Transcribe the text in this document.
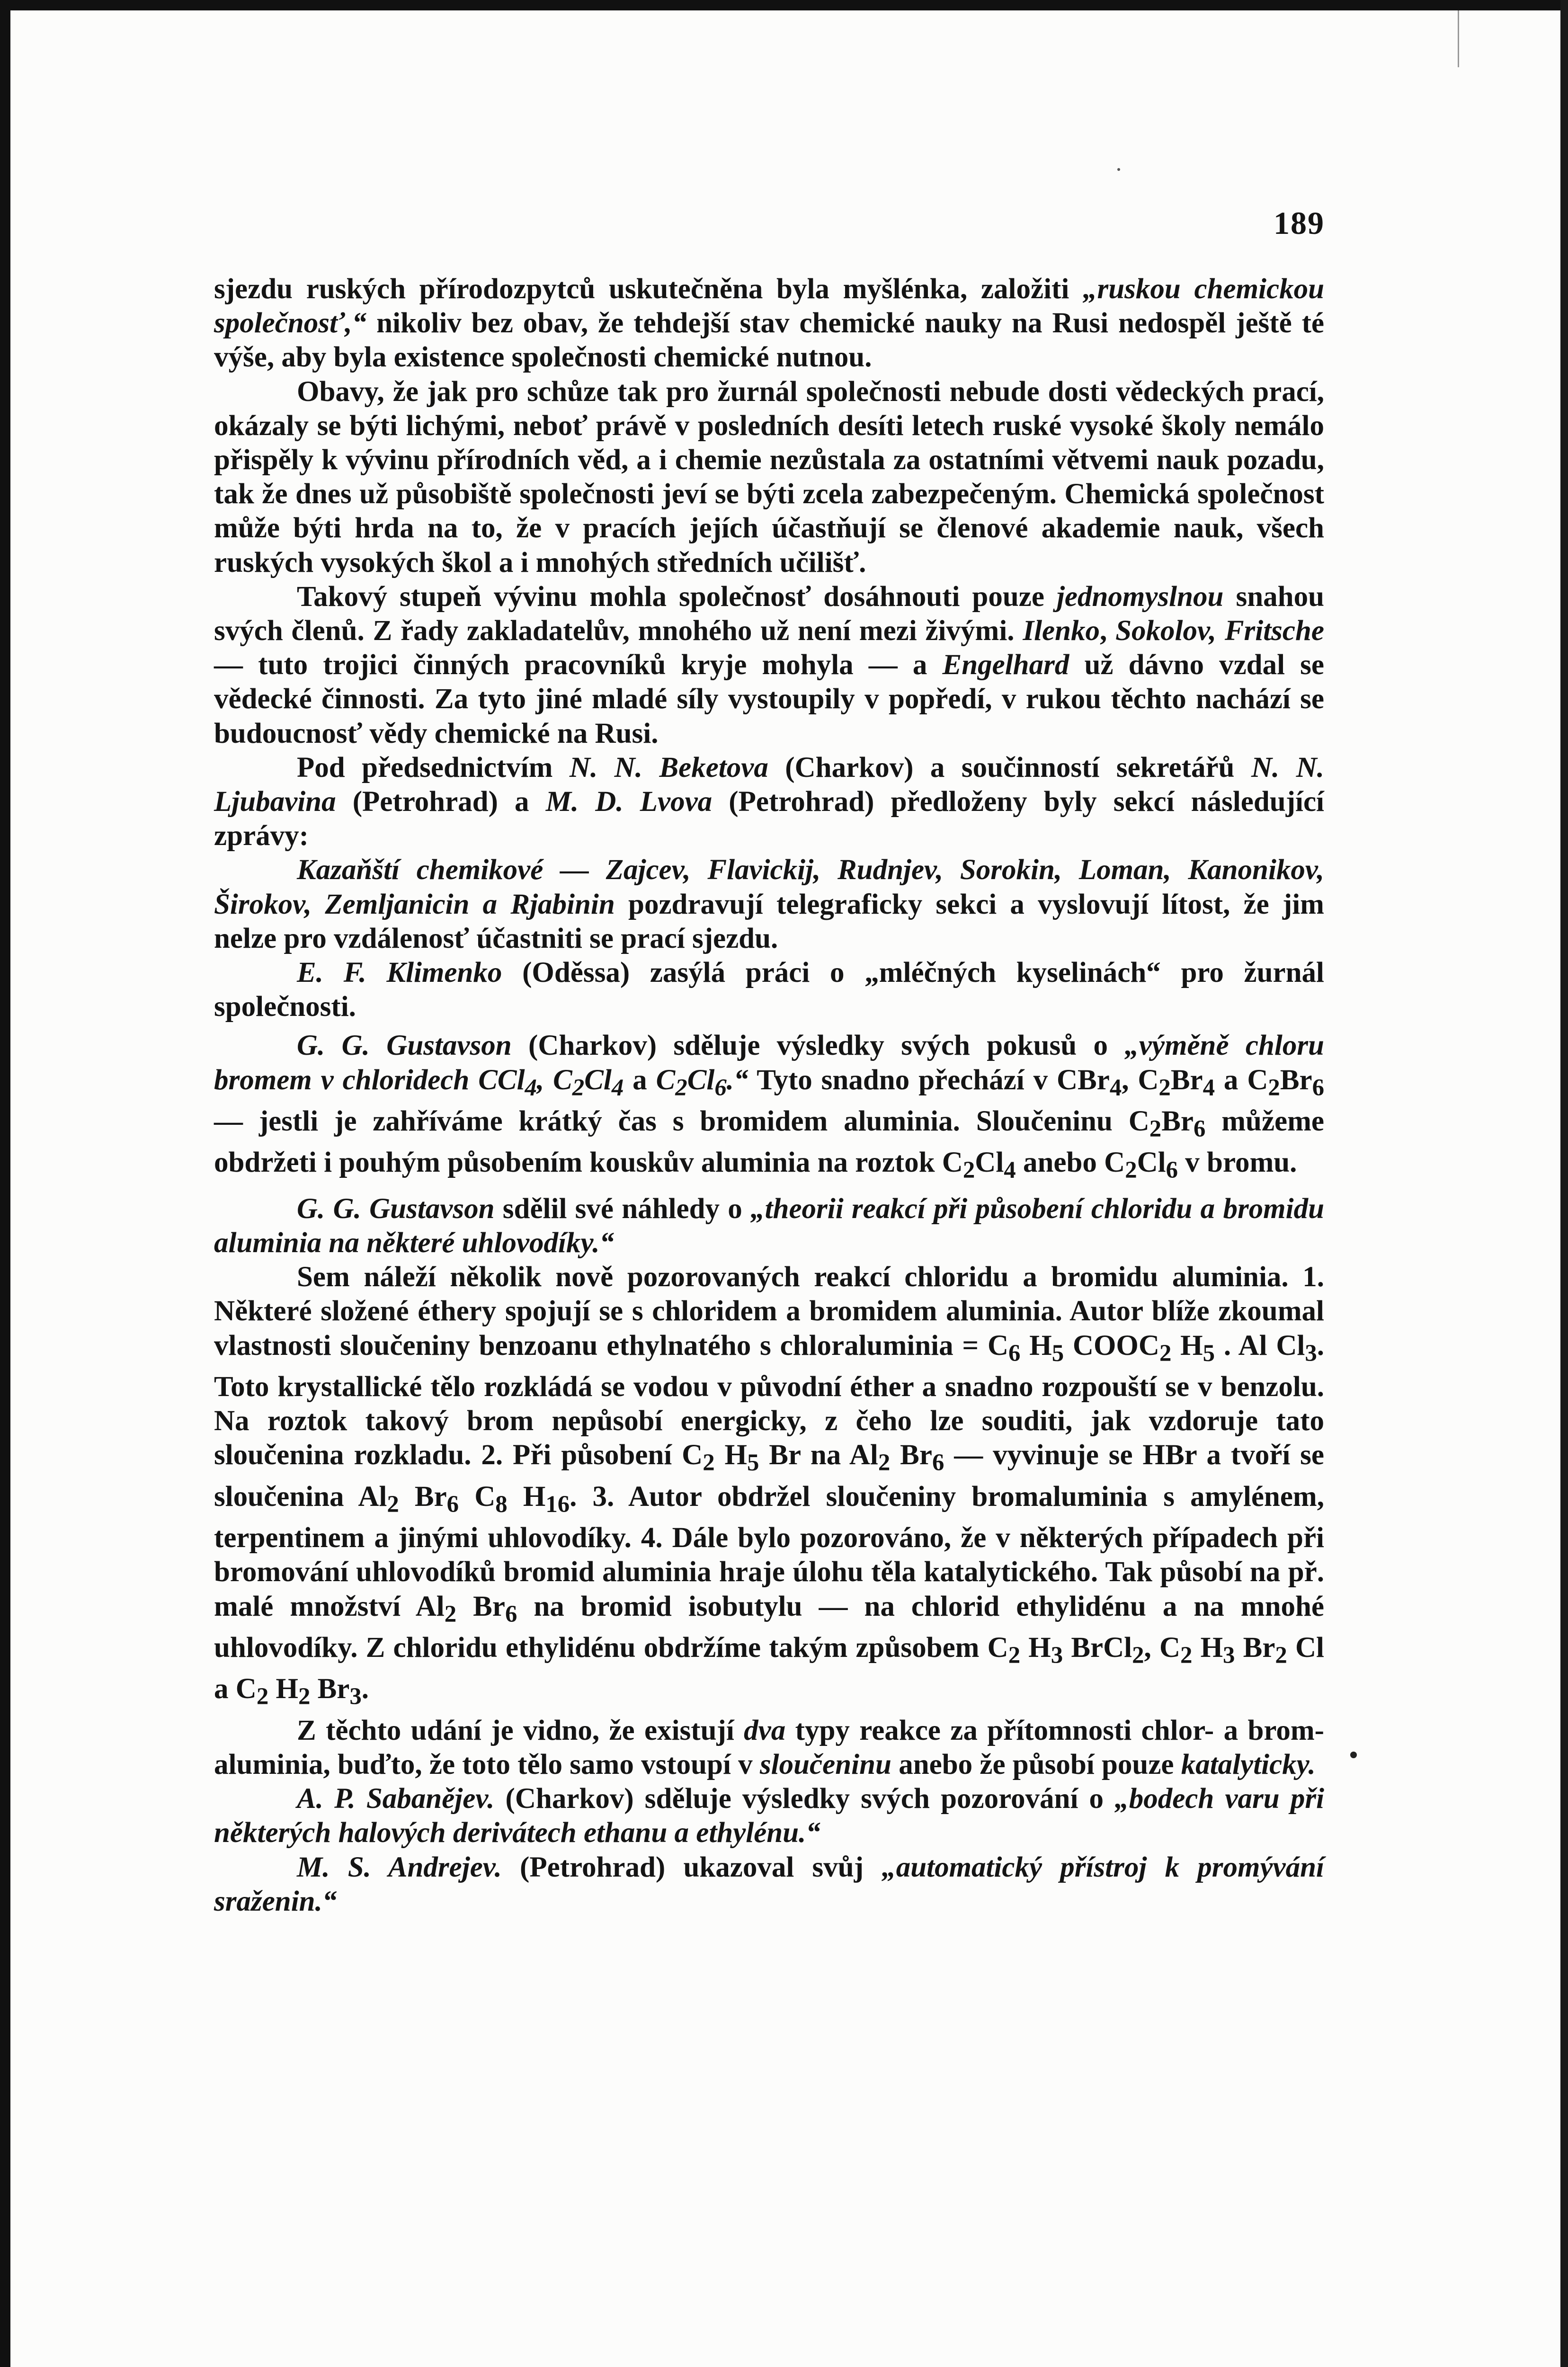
189

sjezdu ruských přírodozpytců uskutečněna byla myšlénka, založiti „ruskou chemickou společnosť,“ nikoliv bez obav, že tehdejší stav chemické nauky na Rusi nedospěl ještě té výše, aby byla existence společnosti chemické nutnou.

Obavy, že jak pro schůze tak pro žurnál společnosti nebude dosti vědeckých prací, okázaly se býti lichými, neboť právě v posledních desíti letech ruské vysoké školy nemálo přispěly k vývinu přírodních věd, a i chemie nezůstala za ostatními větvemi nauk pozadu, tak že dnes už působiště společnosti jeví se býti zcela zabezpečeným. Chemická společnost může býti hrda na to, že v pracích jejích účastňují se členové akademie nauk, všech ruských vysokých škol a i mnohých středních učilišť.

Takový stupeň vývinu mohla společnosť dosáhnouti pouze jednomyslnou snahou svých členů. Z řady zakladatelův, mnohého už není mezi živými. Ilenko, Sokolov, Fritsche — tuto trojici činných pracovníků kryje mohyla — a Engelhard už dávno vzdal se vědecké činnosti. Za tyto jiné mladé síly vystoupily v popředí, v rukou těchto nachází se budoucnosť vědy chemické na Rusi.

Pod předsednictvím N. N. Beketova (Charkov) a součinností sekretářů N. N. Ljubavina (Petrohrad) a M. D. Lvova (Petrohrad) předloženy byly sekcí následující zprávy:

Kazaňští chemikové — Zajcev, Flavickij, Rudnjev, Sorokin, Loman, Kanonikov, Širokov, Zemljanicin a Rjabinin pozdravují telegraficky sekci a vyslovují lítost, že jim nelze pro vzdálenosť účastniti se prací sjezdu.

E. F. Klimenko (Oděssa) zasýlá práci o „mléčných kyselinách“ pro žurnál společnosti.

G. G. Gustavson (Charkov) sděluje výsledky svých pokusů o „výměně chloru bromem v chloridech CCl$_4$, $C_2Cl_4$ a $C_2Cl_6.“$ Tyto snadno přechází v CBr$_4$, $C_2Br_4$ a $C_2Br_6$ — jestli je zahříváme krátký čas s bromidem aluminia. Sloučeninu $C_2Br_6$ můžeme obdržeti i pouhým působením kouskův aluminia na roztok $C_2Cl_4$ anebo $C_2Cl_6$ v bromu.

G. G. Gustavson sdělil své náhledy o „theorii reakcí při působení chloridu a bromidu aluminia na některé uhlovodíky.“

Sem náleží několik nově pozorovaných reakcí chloridu a bromidu aluminia. 1. Některé složené éthery spojují se s chloridem a bromidem aluminia. Autor blíže zkoumal vlastnosti sloučeniny benzoanu ethylnatého s chloraluminia = $C_6$ $H_5$ $COOC_2$ $H_5$ . Al $Cl_3$. Toto krystallické tělo rozkládá se vodou v původní éther a snadno rozpouští se v benzolu. Na roztok takový brom nepůsobí energicky, z čeho lze souditi, jak vzdoruje tato sloučenina rozkladu. 2. Při působení $C_2$ $H_5$ Br na $Al_2$ $Br_6$ — vyvinuje se HBr a tvoří se sloučenina $Al_2$ $Br_6$ $C_8$ $H_{16}$. 3. Autor obdržel sloučeniny bromaluminia s amylénem, terpentinem a jinými uhlovodíky. 4. Dále bylo pozorováno, že v některých případech při bromování uhlovodíků bromid aluminia hraje úlohu těla katalytického. Tak působí na př. malé množství $Al_2$ $Br_6$ na bromid isobutylu — na chlorid ethylidénu a na mnohé uhlovodíky. Z chloridu ethylidénu obdržíme takým způsobem $C_2$ $H_3$ BrCl$_2$, $C_2$ $H_3$ $Br_2$ Cl a $C_2$ $H_2$ $Br_3$.

Z těchto udání je vidno, že existují dva typy reakce za přítomnosti chlor- a brom- aluminia, buďto, že toto tělo samo vstoupí v sloučeninu anebo že působí pouze katalyticky.

A. P. Sabanějev. (Charkov) sděluje výsledky svých pozorování o „bodech varu při některých halových derivátech ethanu a ethylénu.“

M. S. Andrejev. (Petrohrad) ukazoval svůj „automatický přístroj k promývání sraženin.“
